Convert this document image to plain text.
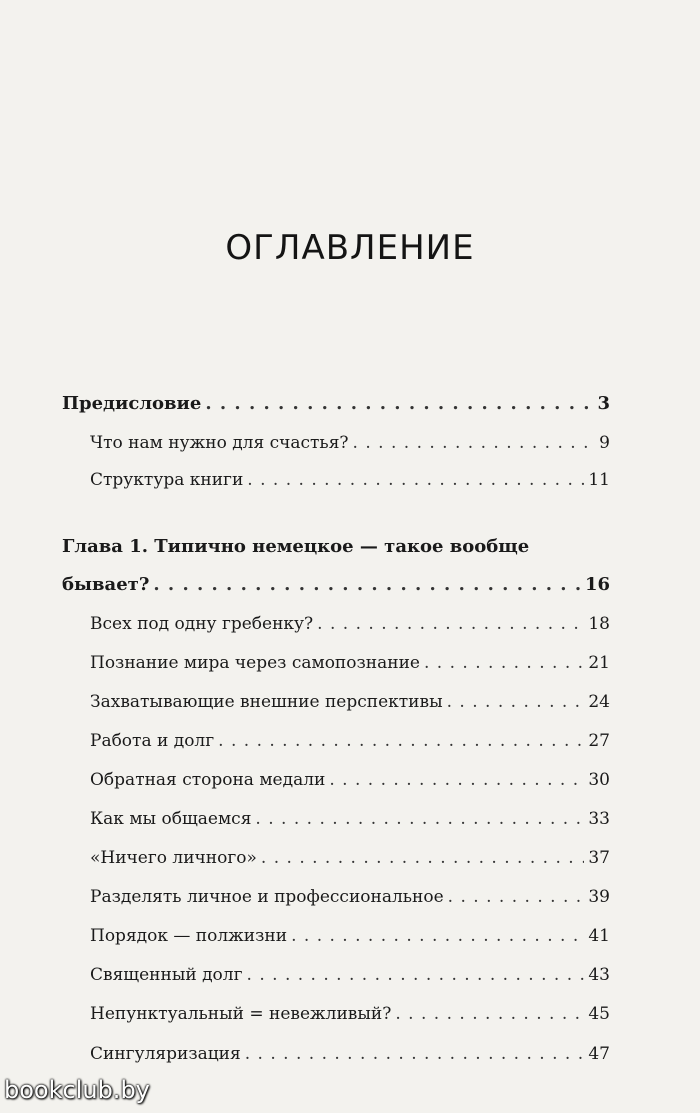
ОГЛАВЛЕНИЕ
Предисловие . . .	3
Что нам нужно для счастья? . . .	9
Структура книги . . .	11
Глава 1. Типично немецкое — такое вообще
бывает? . . .	16
Всех под одну гребенку? . . .	18
Познание мира через самопознание . . .	21
Захватывающие внешние перспективы . . .	24
Работа и долг . . .	27
Обратная сторона медали . . .	30
Как мы общаемся . . .	33
«Ничего личного» . . .	37
Разделять личное и профессиональное . . .	39
Порядок — полжизни . . .	41
Священный долг . . .	43
Непунктуальный = невежливый? . . .	45
Сингуляризация . . .	47
bookclub.by
